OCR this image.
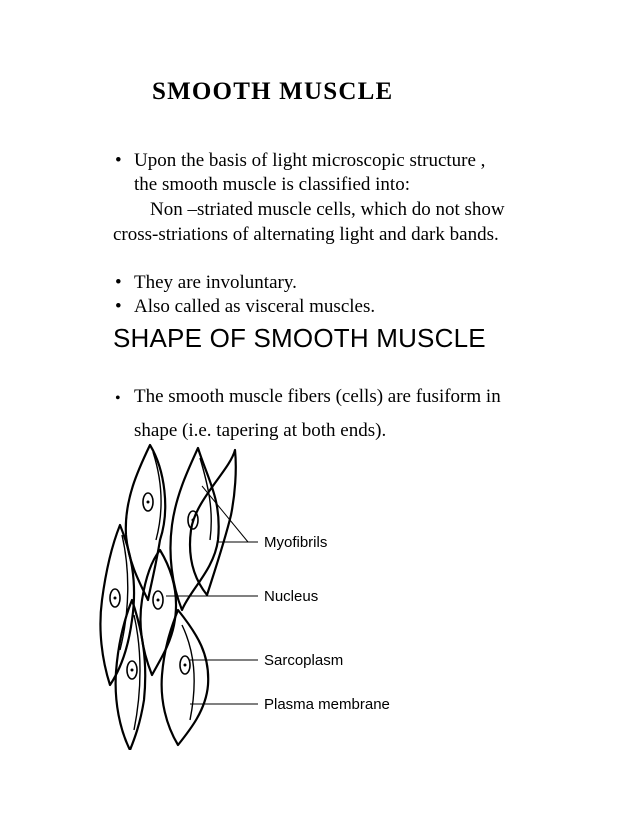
SMOOTH MUSCLE
• Upon the basis of light microscopic structure ,
the smooth muscle is classified into:
Non –striated muscle cells, which do not show
cross-striations of alternating light and dark bands.
• They are involuntary.
• Also called as visceral muscles.
SHAPE OF SMOOTH MUSCLE
• The smooth muscle fibers (cells) are fusiform in
shape (i.e. tapering at both ends).
Myofibrils
Nucleus
Sarcoplasm
Plasma membrane
